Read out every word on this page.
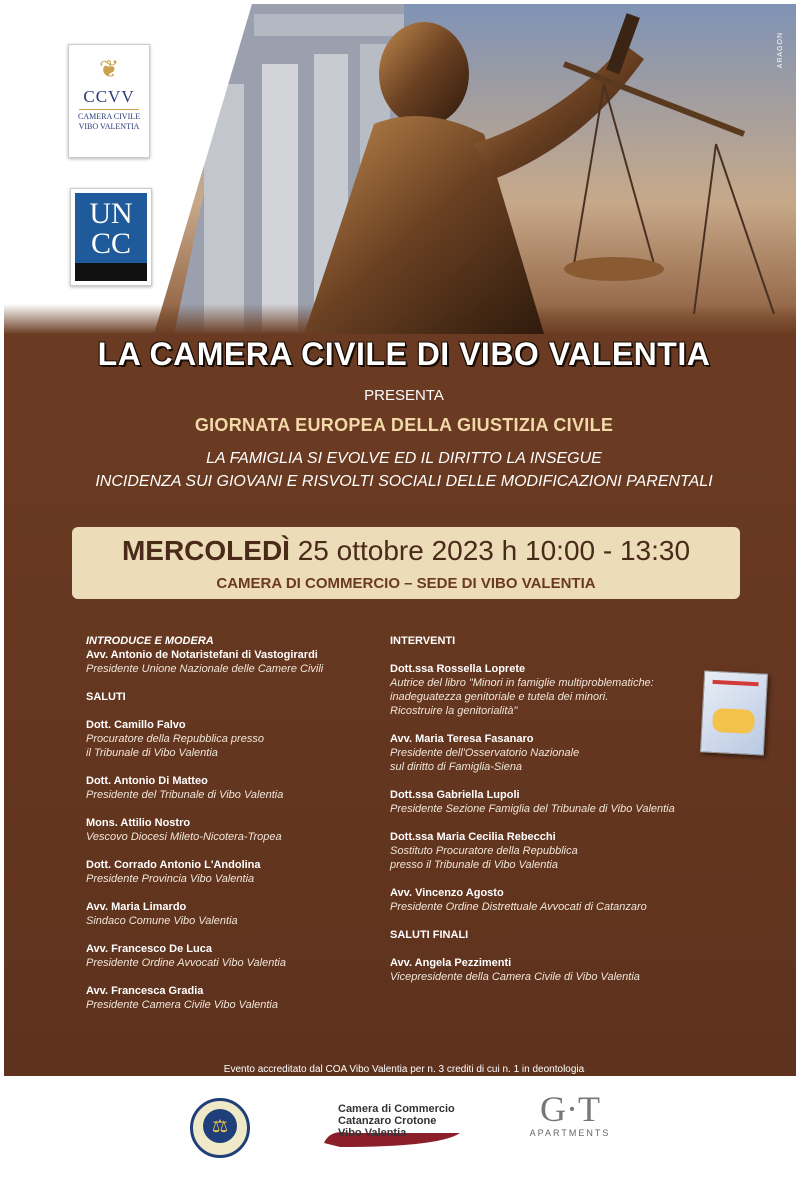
ARAGON
❦
CCVV
CAMERA CIVILE
VIBO VALENTIA
UN
CC
LA CAMERA CIVILE DI VIBO VALENTIA
PRESENTA
GIORNATA EUROPEA DELLA GIUSTIZIA CIVILE
LA FAMIGLIA SI EVOLVE ED IL DIRITTO LA INSEGUE
INCIDENZA SUI GIOVANI E RISVOLTI SOCIALI DELLE MODIFICAZIONI PARENTALI
MERCOLEDÌ 25 ottobre 2023 h 10:00 - 13:30
CAMERA DI COMMERCIO – SEDE DI VIBO VALENTIA
INTRODUCE E MODERA
Avv. Antonio de Notaristefani di Vastogirardi
Presidente Unione Nazionale delle Camere Civili
SALUTI
Dott. Camillo Falvo
Procuratore della Repubblica presso
il Tribunale di Vibo Valentia
Dott. Antonio Di Matteo
Presidente del Tribunale di Vibo Valentia
Mons. Attilio Nostro
Vescovo Diocesi Mileto-Nicotera-Tropea
Dott. Corrado Antonio L'Andolina
Presidente Provincia Vibo Valentia
Avv. Maria Limardo
Sindaco Comune Vibo Valentia
Avv. Francesco De Luca
Presidente Ordine Avvocati Vibo Valentia
Avv. Francesca Gradia
Presidente Camera Civile Vibo Valentia
INTERVENTI
Dott.ssa Rossella Loprete
Autrice del libro "Minori in famiglie multiproblematiche:
inadeguatezza genitoriale e tutela dei minori.
Ricostruire la genitorialità"
Avv. Maria Teresa Fasanaro
Presidente dell'Osservatorio Nazionale
sul diritto di Famiglia-Siena
Dott.ssa Gabriella Lupoli
Presidente Sezione Famiglia del Tribunale di Vibo Valentia
Dott.ssa Maria Cecilia Rebecchi
Sostituto Procuratore della Repubblica
presso il Tribunale di Vibo Valentia
Avv. Vincenzo Agosto
Presidente Ordine Distrettuale Avvocati di Catanzaro
SALUTI FINALI
Avv. Angela Pezzimenti
Vicepresidente della Camera Civile di Vibo Valentia
Evento accreditato dal COA Vibo Valentia per n. 3 crediti di cui n. 1 in deontologia
⚖
Camera di Commercio
Catanzaro Crotone
Vibo Valentia
G·T
APARTMENTS
